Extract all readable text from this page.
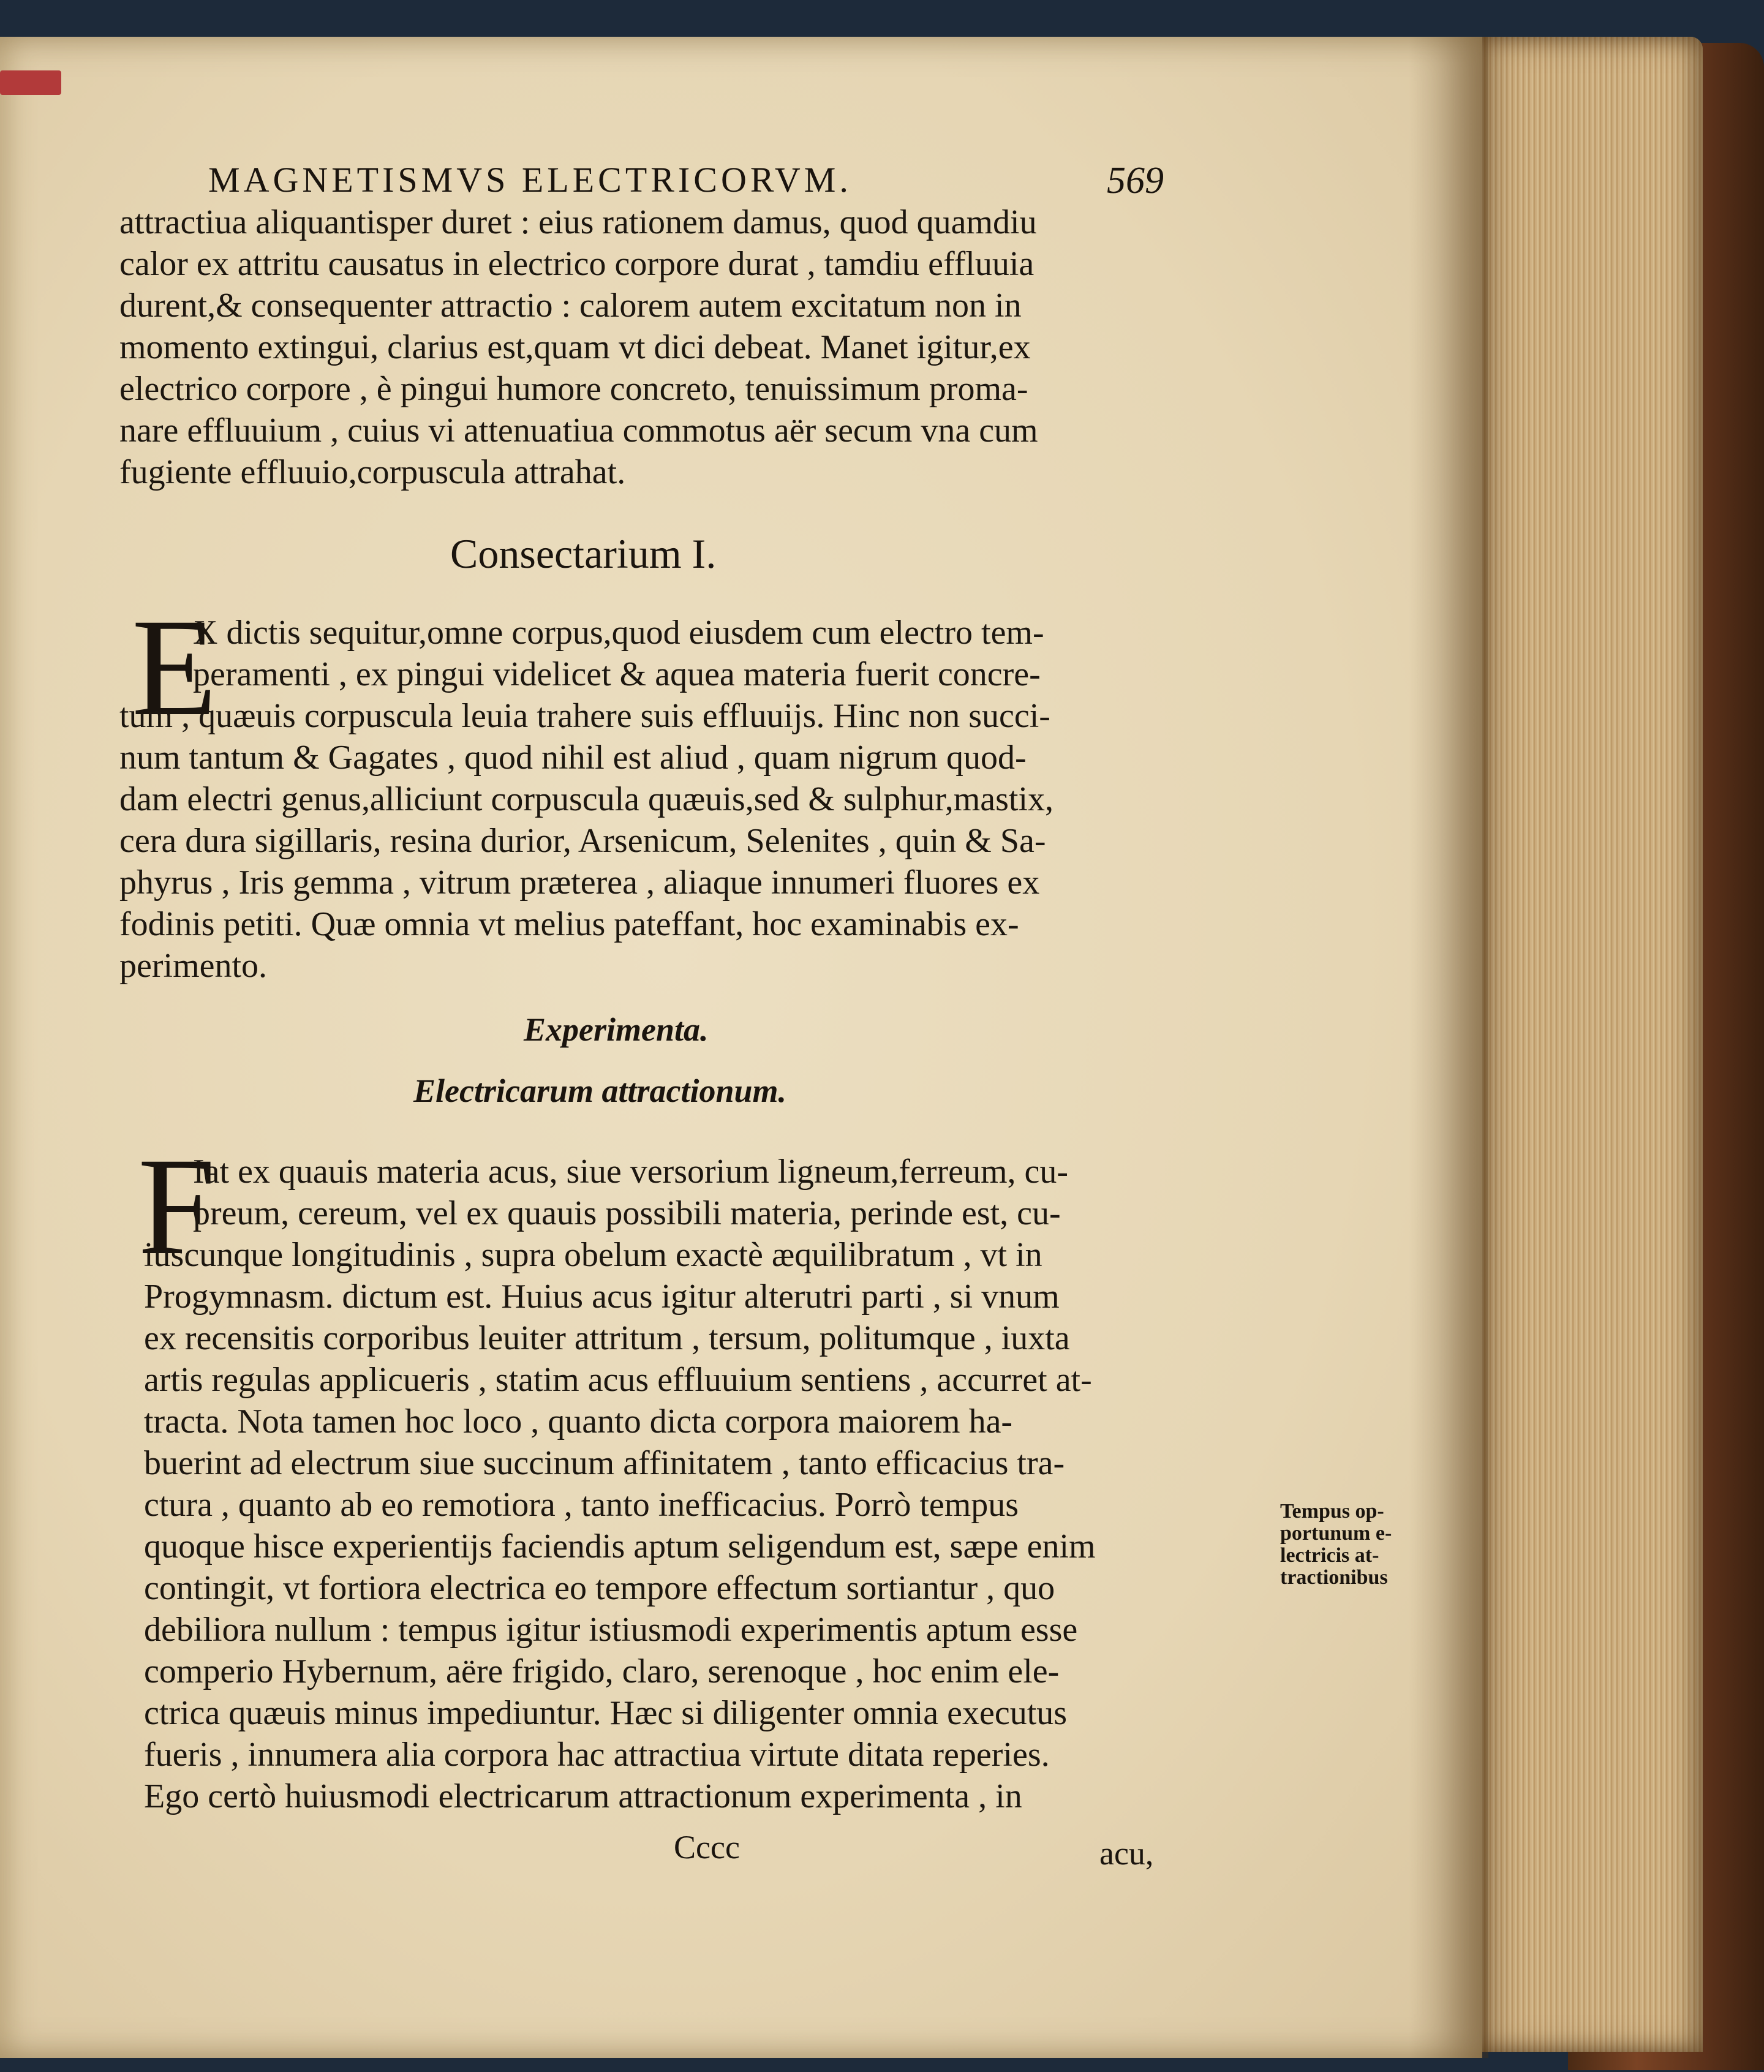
MAGNETISMVS ELECTRICORVM.	569
attractiua aliquantisper duret : eius rationem damus, quod quamdiu
calor ex attritu causatus in electrico corpore durat , tamdiu effluuia
durent,& consequenter attractio : calorem autem excitatum non in
momento extingui, clarius est,quam vt dici debeat. Manet igitur,ex
electrico corpore , è pingui humore concreto, tenuissimum proma-
nare effluuium , cuius vi attenuatiua commotus aër secum vna cum
fugiente effluuio,corpuscula attrahat.
Consectarium I.
E
X dictis sequitur,omne corpus,quod eiusdem cum electro tem-
peramenti , ex pingui videlicet & aquea materia fuerit concre-
tum , quæuis corpuscula leuia trahere suis effluuijs. Hinc non succi-
num tantum & Gagates , quod nihil est aliud , quam nigrum quod-
dam electri genus,alliciunt corpuscula quæuis,sed & sulphur,mastix,
cera dura sigillaris, resina durior, Arsenicum, Selenites , quin & Sa-
phyrus , Iris gemma , vitrum præterea , aliaque innumeri fluores ex
fodinis petiti. Quæ omnia vt melius pateffant, hoc examinabis ex-
perimento.
Experimenta.
Electricarum attractionum.
F
Iat ex quauis materia acus, siue versorium ligneum,ferreum, cu-
preum, cereum, vel ex quauis possibili materia, perinde est, cu-
iuscunque longitudinis , supra obelum exactè æquilibratum , vt in
Progymnasm. dictum est. Huius acus igitur alterutri parti , si vnum
ex recensitis corporibus leuiter attritum , tersum, politumque , iuxta
artis regulas applicueris , statim acus effluuium sentiens , accurret at-
tracta. Nota tamen hoc loco , quanto dicta corpora maiorem ha-
buerint ad electrum siue succinum affinitatem , tanto efficacius tra-
ctura , quanto ab eo remotiora , tanto inefficacius. Porrò tempus
quoque hisce experientijs faciendis aptum seligendum est, sæpe enim
contingit, vt fortiora electrica eo tempore effectum sortiantur , quo
debiliora nullum : tempus igitur istiusmodi experimentis aptum esse
comperio Hybernum, aëre frigido, claro, serenoque , hoc enim ele-
ctrica quæuis minus impediuntur. Hæc si diligenter omnia executus
fueris , innumera alia corpora hac attractiua virtute ditata reperies.
Ego certò huiusmodi electricarum attractionum experimenta , in
Tempus op-
portunum e-
lectricis at-
tractionibus
Cccc	acu,
